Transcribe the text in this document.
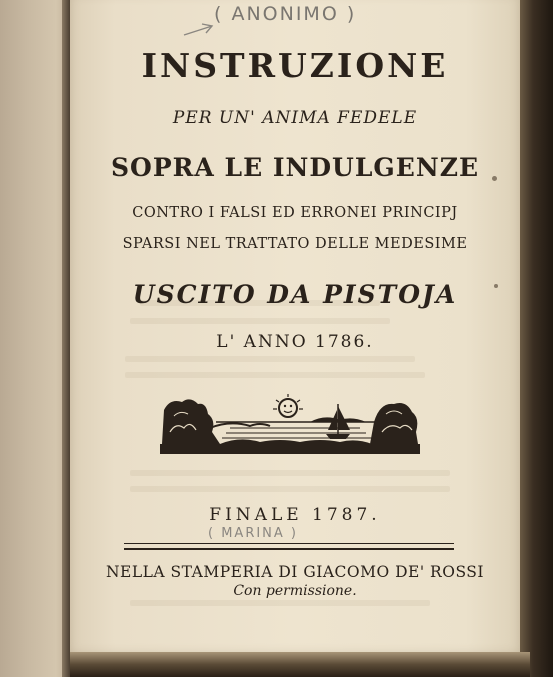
( ANONIMO )

INSTRUZIONE

PER UN' ANIMA FEDELE

SOPRA LE INDULGENZE

CONTRO I FALSI ED ERRONEI PRINCIPJ

SPARSI NEL TRATTATO DELLE MEDESIME

USCITO DA PISTOJA

L' ANNO 1786.

FINALE 1787.

( MARINA )

NELLA STAMPERIA DI GIACOMO DE' ROSSI

Con permissione.
